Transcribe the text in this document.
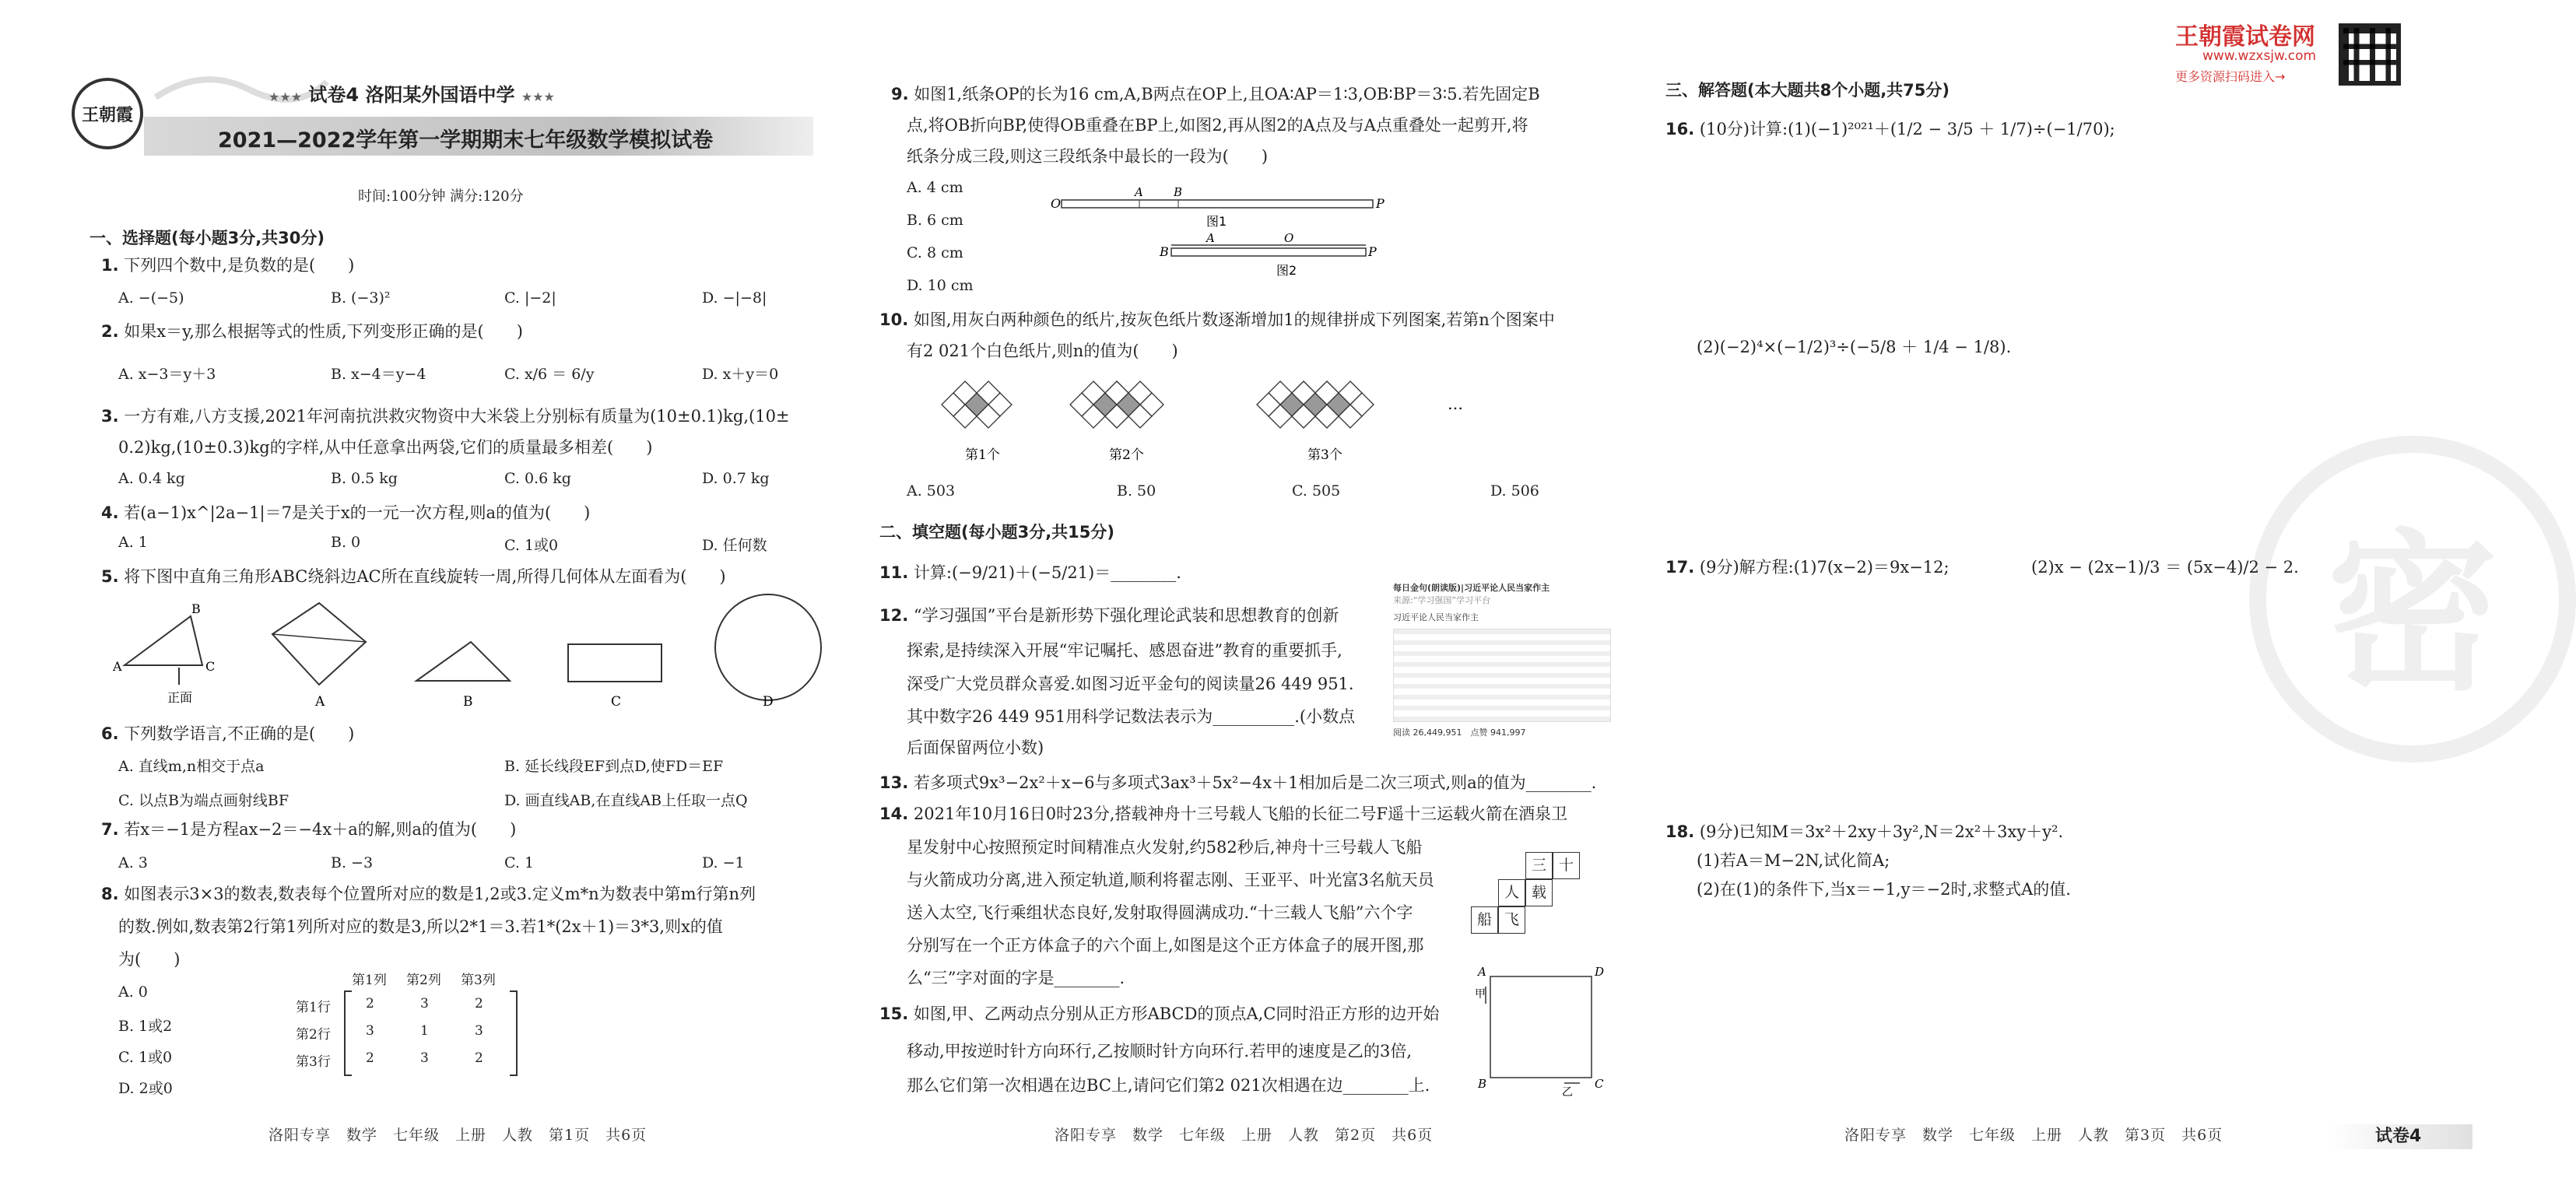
王朝霞
★★★ 试卷4 洛阳某外国语中学 ★★★
2021—2022学年第一学期期末七年级数学模拟试卷
时间:100分钟 满分:120分
一、选择题(每小题3分,共30分)
1. 下列四个数中,是负数的是(　　)
A. −(−5)	B. (−3)²	C. |−2|	D. −|−8|
2. 如果x＝y,那么根据等式的性质,下列变形正确的是(　　)
A. x−3＝y＋3	B. x−4＝y−4	C. x/6 ＝ 6/y	D. x＋y＝0
3. 一方有难,八方支援,2021年河南抗洪救灾物资中大米袋上分别标有质量为(10±0.1)kg,(10±
0.2)kg,(10±0.3)kg的字样,从中任意拿出两袋,它们的质量最多相差(　　)
A. 0.4 kg	B. 0.5 kg	C. 0.6 kg	D. 0.7 kg
4. 若(a−1)x^|2a−1|＝7是关于x的一元一次方程,则a的值为(　　)
A. 1	B. 0	C. 1或0	D. 任何数
5. 将下图中直角三角形ABC绕斜边AC所在直线旋转一周,所得几何体从左面看为(　　)
A
B
C
正面	A	B	C	D
6. 下列数学语言,不正确的是(　　)
A. 直线m,n相交于点a	B. 延长线段EF到点D,使FD＝EF
C. 以点B为端点画射线BF	D. 画直线AB,在直线AB上任取一点Q
7. 若x＝−1是方程ax−2＝−4x＋a的解,则a的值为(　　)
A. 3	B. −3	C. 1	D. −1
8. 如图表示3×3的数表,数表每个位置所对应的数是1,2或3.定义m*n为数表中第m行第n列
的数.例如,数表第2行第1列所对应的数是3,所以2*1＝3.若1*(2x＋1)＝3*3,则x的值
为(　　)
A. 0
B. 1或2
C. 1或0
D. 2或0
第1列 第2列 第3列
第1行
第2行
第3行
2	3	2
3	1	3
2	3	2
洛阳专享　数学　七年级　上册　人教　第1页　共6页
9. 如图1,纸条OP的长为16 cm,A,B两点在OP上,且OA∶AP＝1∶3,OB∶BP＝3∶5.若先固定B
点,将OB折向BP,使得OB重叠在BP上,如图2,再从图2的A点及与A点重叠处一起剪开,将
纸条分成三段,则这三段纸条中最长的一段为(　　)
A. 4 cm
B. 6 cm
C. 8 cm
D. 10 cm
O
A	B
P
图1
B
A	O
P
图2
10. 如图,用灰白两种颜色的纸片,按灰色纸片数逐渐增加1的规律拼成下列图案,若第n个图案中
有2 021个白色纸片,则n的值为(　　)
第1个	第2个	第3个
…
A. 503	B. 50	C. 505	D. 506
二、填空题(每小题3分,共15分)
11. 计算:(−9/21)＋(−5/21)＝________.
12. “学习强国”平台是新形势下强化理论武装和思想教育的创新
探索,是持续深入开展“牢记嘱托、感恩奋进”教育的重要抓手,
深受广大党员群众喜爱.如图习近平金句的阅读量26 449 951.
其中数字26 449 951用科学记数法表示为__________.(小数点
后面保留两位小数)
每日金句(朗读版)|习近平论人民当家作主
来源:“学习强国”学习平台
习近平论人民当家作主
阅读 26,449,951　 点赞 941,997
13. 若多项式9x³−2x²＋x−6与多项式3ax³＋5x²−4x＋1相加后是二次三项式,则a的值为________.
14. 2021年10月16日0时23分,搭载神舟十三号载人飞船的长征二号F遥十三运载火箭在酒泉卫
星发射中心按照预定时间精准点火发射,约582秒后,神舟十三号载人飞船
与火箭成功分离,进入预定轨道,顺利将翟志刚、王亚平、叶光富3名航天员
送入太空,飞行乘组状态良好,发射取得圆满成功.“十三载人飞船”六个字
分别写在一个正方体盒子的六个面上,如图是这个正方体盒子的展开图,那
么“三”字对面的字是________.
三 十
人 载
船 飞
15. 如图,甲、乙两动点分别从正方形ABCD的顶点A,C同时沿正方形的边开始
移动,甲按逆时针方向环行,乙按顺时针方向环行.若甲的速度是乙的3倍,
那么它们第一次相遇在边BC上,请问它们第2 021次相遇在边________上.
A	D
B	C
甲
乙
洛阳专享　数学　七年级　上册　人教　第2页　共6页
王朝霞试卷网
www.wzxsjw.com
更多资源扫码进入→
密
三、解答题(本大题共8个小题,共75分)
16. (10分)计算:(1)(−1)²⁰²¹＋(1/2 − 3/5 ＋ 1/7)÷(−1/70);
(2)(−2)⁴×(−1/2)³÷(−5/8 ＋ 1/4 − 1/8).
17. (9分)解方程:(1)7(x−2)＝9x−12;	(2)x − (2x−1)/3 ＝ (5x−4)/2 − 2.
18. (9分)已知M＝3x²＋2xy＋3y²,N＝2x²＋3xy＋y².
(1)若A＝M−2N,试化简A;
(2)在(1)的条件下,当x＝−1,y＝−2时,求整式A的值.
洛阳专享　数学　七年级　上册　人教　第3页　共6页	试卷4
